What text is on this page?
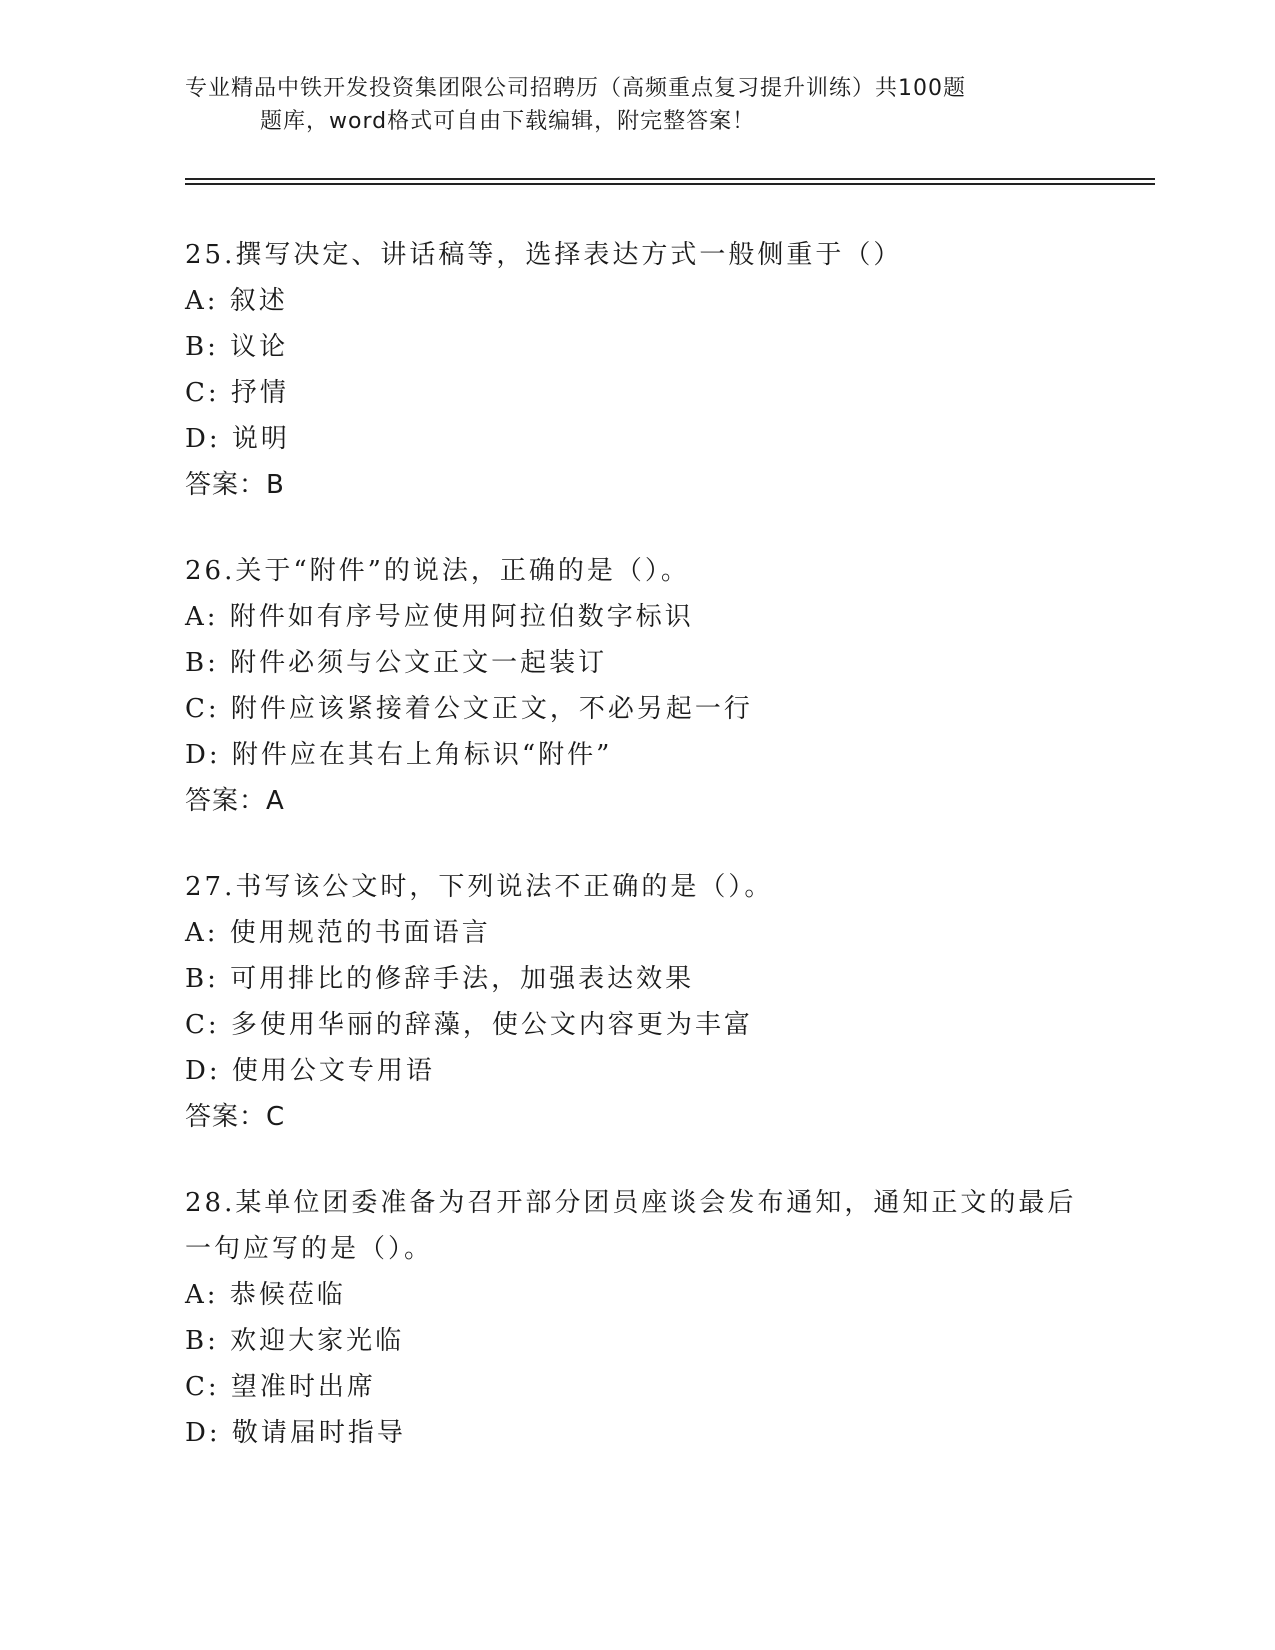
专业精品中铁开发投资集团限公司招聘历（高频重点复习提升训练）共100题
题库，word格式可自由下载编辑，附完整答案！
25.撰写决定、讲话稿等，选择表达方式一般侧重于（）
A: 叙述
B: 议论
C: 抒情
D: 说明
答案：B
26.关于“附件”的说法，正确的是（）。
A: 附件如有序号应使用阿拉伯数字标识
B: 附件必须与公文正文一起装订
C: 附件应该紧接着公文正文，不必另起一行
D: 附件应在其右上角标识“附件”
答案：A
27.书写该公文时，下列说法不正确的是（）。
A: 使用规范的书面语言
B: 可用排比的修辞手法，加强表达效果
C: 多使用华丽的辞藻，使公文内容更为丰富
D: 使用公文专用语
答案：C
28.某单位团委准备为召开部分团员座谈会发布通知，通知正文的最后一句应写的是（）。
A: 恭候莅临
B: 欢迎大家光临
C: 望准时出席
D: 敬请届时指导
